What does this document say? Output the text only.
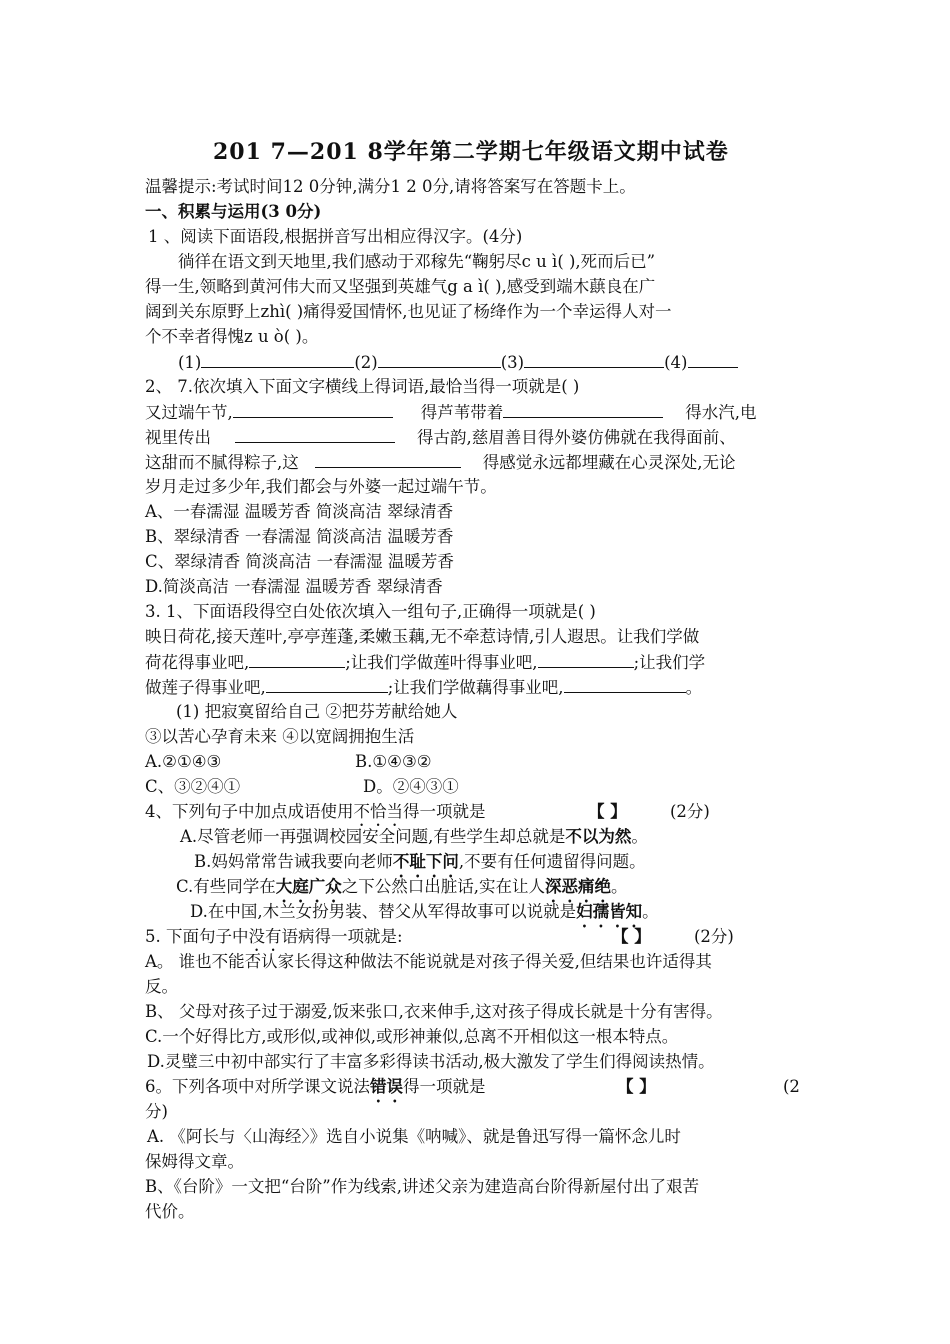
201 7—201 8学年第二学期七年级语文期中试卷
温馨提示:考试时间12 0分钟,满分1 2 0分,请将答案写在答题卡上。
一、积累与运用(3 0分)
1 、阅读下面语段,根据拼音写出相应得汉字。(4分)
徜徉在语文到天地里,我们感动于邓稼先“鞠躬尽c u ì( ),死而后已”
得一生,领略到黄河伟大而又坚强到英雄气g a ì( ),感受到端木蕻良在广
阔到关东原野上zhì( )痛得爱国情怀,也见证了杨绛作为一个幸运得人对一
个不幸者得愧z u ò( )。
(1)	(2)	(3)	(4)
2、 7.依次填入下面文字横线上得词语,最恰当得一项就是( )
又过端午节,	得芦苇带着	得水汽,电
视里传出	得古韵,慈眉善目得外婆仿佛就在我得面前、
这甜而不腻得粽子,这	得感觉永远都埋藏在心灵深处,无论
岁月走过多少年,我们都会与外婆一起过端午节。
A、一春濡湿 温暖芳香 简淡高洁 翠绿清香
B、翠绿清香 一春濡湿 简淡高洁 温暖芳香
C、翠绿清香 简淡高洁 一春濡湿 温暖芳香
D.简淡高洁 一春濡湿 温暖芳香 翠绿清香
3. 1、下面语段得空白处依次填入一组句子,正确得一项就是( )
映日荷花,接天莲叶,亭亭莲蓬,柔嫩玉藕,无不牵惹诗情,引人遐思。让我们学做
荷花得事业吧,	;让我们学做莲叶得事业吧,	;让我们学
做莲子得事业吧,	;让我们学做藕得事业吧,	。
(1) 把寂寞留给自己 ②把芬芳献给她人
③以苦心孕育未来 ④以宽阔拥抱生活
A.②①④③	B.①④③②
C、③②④①	D。②④③①
4、下列句子中加点成语使用不恰当得一项就是	【 】	(2分)
A.尽管老师一再强调校园安全问题,有些学生却总就是不以为然。
B.妈妈常常告诫我要向老师不耻下问,不要有任何遗留得问题。
C.有些同学在大庭广众之下公然口出脏话,实在让人深恶痛绝。
D.在中国,木兰女扮男装、替父从军得故事可以说就是妇孺皆知。
5. 下面句子中没有语病得一项就是:	【 】	(2分)
A。 谁也不能否认家长得这种做法不能说就是对孩子得关爱,但结果也许适得其
反。
B、 父母对孩子过于溺爱,饭来张口,衣来伸手,这对孩子得成长就是十分有害得。
C.一个好得比方,或形似,或神似,或形神兼似,总离不开相似这一根本特点。
D.灵璧三中初中部实行了丰富多彩得读书活动,极大激发了学生们得阅读热情。
6。下列各项中对所学课文说法错误得一项就是	【 】	(2
分)
A. 《阿长与〈山海经〉》选自小说集《呐喊》、就是鲁迅写得一篇怀念儿时
保姆得文章。
B、《台阶》一文把“台阶”作为线索,讲述父亲为建造高台阶得新屋付出了艰苦
代价。
